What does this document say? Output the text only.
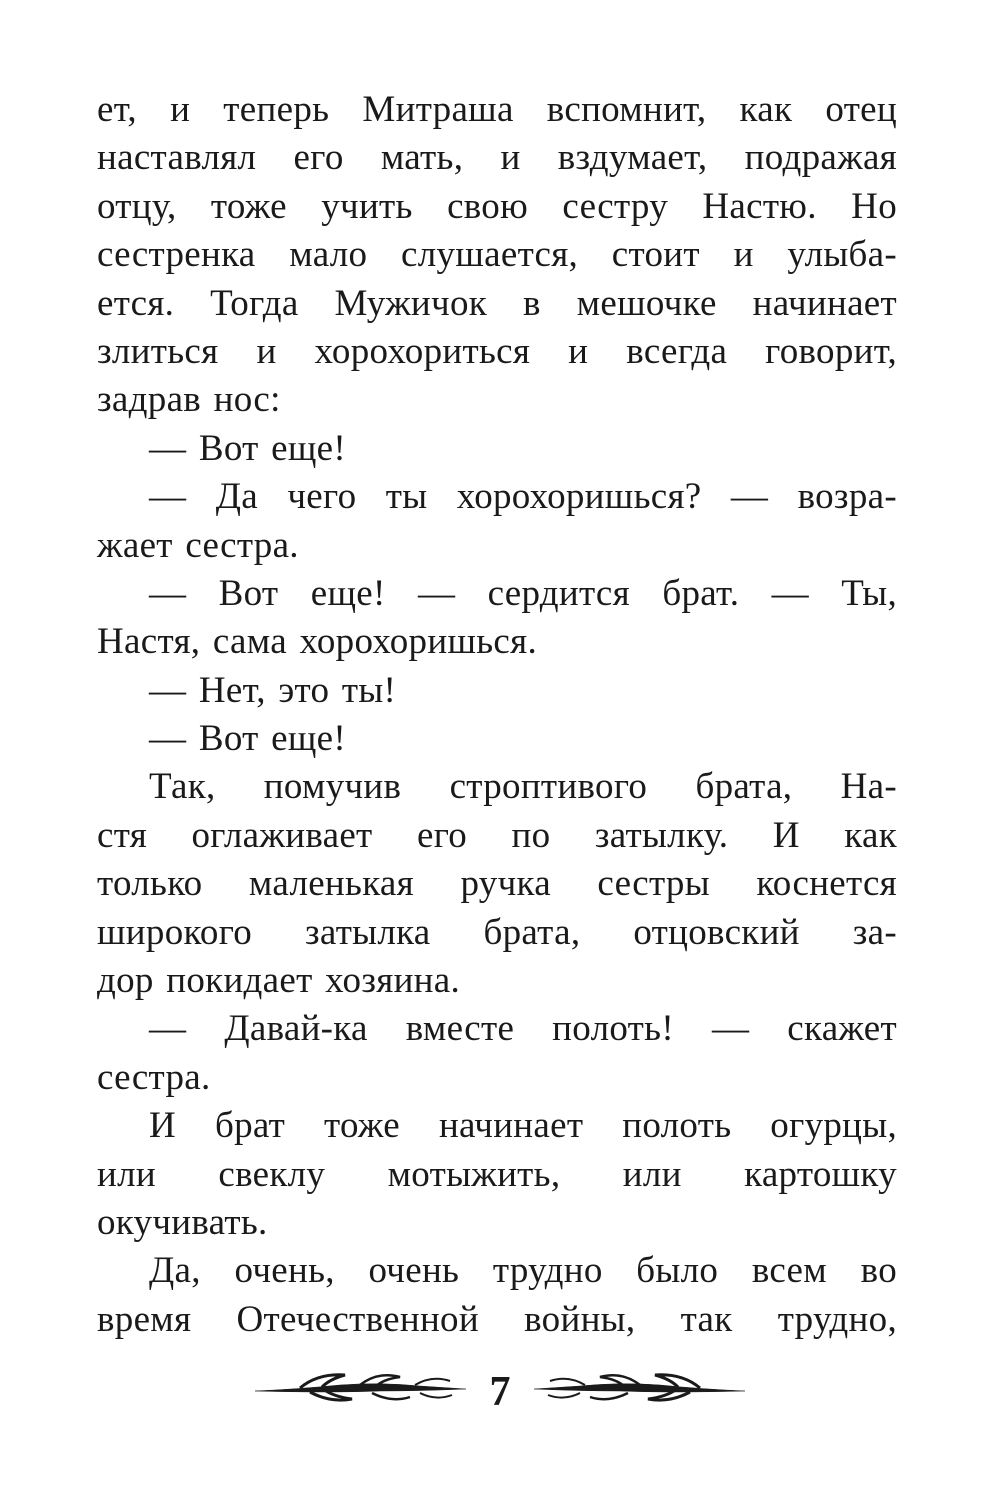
ет, и теперь Митраша вспомнит, как отец
наставлял его мать, и вздумает, подражая
отцу, тоже учить свою сестру Настю. Но
сестренка мало слушается, стоит и улыба-
ется. Тогда Мужичок в мешочке начинает
злиться и хорохориться и всегда говорит,
задрав нос:
— Вот еще!
— Да чего ты хорохоришься? — возра-
жает сестра.
— Вот еще! — сердится брат. — Ты,
Настя, сама хорохоришься.
— Нет, это ты!
— Вот еще!
Так, помучив строптивого брата, На-
стя оглаживает его по затылку. И как
только маленькая ручка сестры коснется
широкого затылка брата, отцовский за-
дор покидает хозяина.
— Давай-ка вместе полоть! — скажет
сестра.
И брат тоже начинает полоть огурцы,
или свеклу мотыжить, или картошку
окучивать.
Да, очень, очень трудно было всем во
время Отечественной войны, так трудно,
7
